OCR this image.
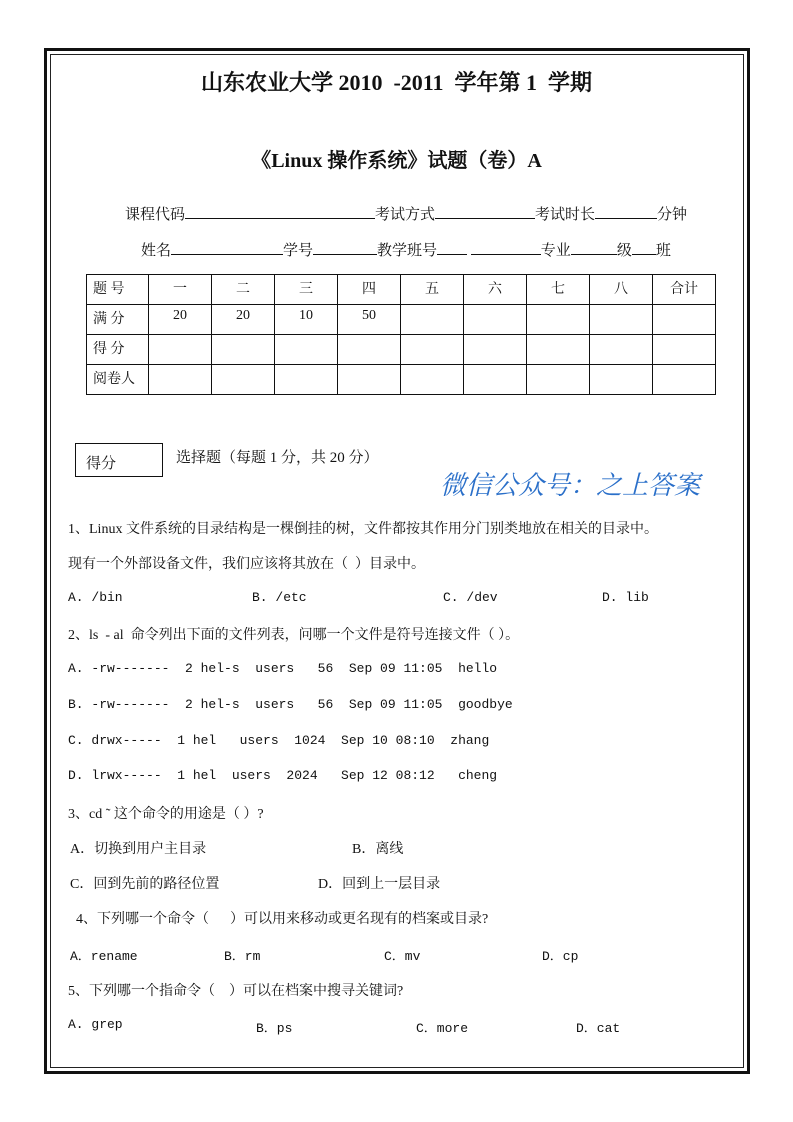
山东农业大学 2010  -2011  学年第 1  学期
《Linux 操作系统》试题（卷）A

课程代码	考试方式	考试时长	分钟

姓名	学号	教学班号	专业	级 班

题 号	一	二	三	四	五	六	七	八	合计
满 分	20	20	10	50					
得 分									
阅卷人									
得分	选择题（每题 1 分，共 20 分）
微信公众号：之上答案
1、Linux 文件系统的目录结构是一棵倒挂的树，文件都按其作用分门别类地放在相关的目录中。
现有一个外部设备文件，我们应该将其放在（  ）目录中。
A. /bin	B. /etc	C. /dev	D. lib
2、ls  - al  命令列出下面的文件列表，问哪一个文件是符号连接文件（ ）。
A. -rw-------  2 hel-s  users   56  Sep 09 11:05  hello
B. -rw-------  2 hel-s  users   56  Sep 09 11:05  goodbye
C. drwx-----  1 hel   users  1024  Sep 10 08:10  zhang
D. lrwx-----  1 hel  users  2024   Sep 12 08:12   cheng
3、cd ˜ 这个命令的用途是（ ）?
A．切换到用户主目录	B．离线
C．回到先前的路径位置	D．回到上一层目录
4、下列哪一个命令（      ）可以用来移动或更名现有的档案或目录?
A．rename	B．rm	C．mv	D．cp
5、下列哪一个指命令（    ）可以在档案中搜寻关键词?
A. grep	B．ps	C．more	D．cat
